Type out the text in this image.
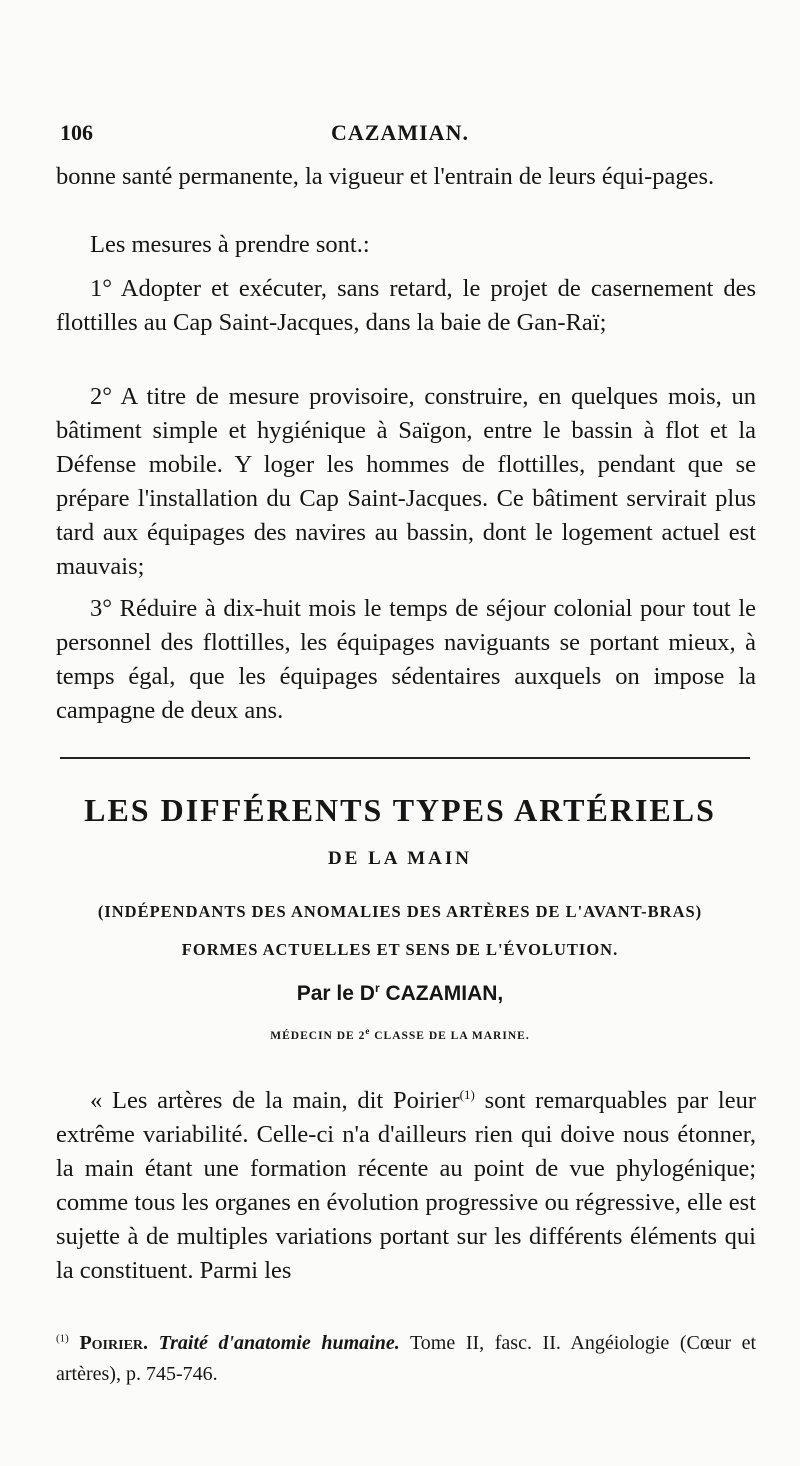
106	CAZAMIAN.

bonne santé permanente, la vigueur et l'entrain de leurs équi-pages.

Les mesures à prendre sont.:

1° Adopter et exécuter, sans retard, le projet de casernement des flottilles au Cap Saint-Jacques, dans la baie de Gan-Raï;

2° A titre de mesure provisoire, construire, en quelques mois, un bâtiment simple et hygiénique à Saïgon, entre le bassin à flot et la Défense mobile. Y loger les hommes de flottilles, pendant que se prépare l'installation du Cap Saint-Jacques. Ce bâtiment servirait plus tard aux équipages des navires au bassin, dont le logement actuel est mauvais;

3° Réduire à dix-huit mois le temps de séjour colonial pour tout le personnel des flottilles, les équipages naviguants se portant mieux, à temps égal, que les équipages sédentaires auxquels on impose la campagne de deux ans.

LES DIFFÉRENTS TYPES ARTÉRIELS
DE LA MAIN
(INDÉPENDANTS DES ANOMALIES DES ARTÈRES DE L'AVANT-BRAS)
FORMES ACTUELLES ET SENS DE L'ÉVOLUTION.
Par le $D^r$ CAZAMIAN,
MÉDECIN DE 2e CLASSE DE LA MARINE.

« Les artères de la main, dit Poirier$^{(1)}$ sont remarquables par leur extrême variabilité. Celle-ci n'a d'ailleurs rien qui doive nous étonner, la main étant une formation récente au point de vue phylogénique; comme tous les organes en évolution progressive ou régressive, elle est sujette à de multiples variations portant sur les différents éléments qui la constituent. Parmi les

$^{(1)}$ Poirier. Traité d'anatomie humaine. Tome II, fasc. II. Angéiologie (Cœur et artères), p. 745-746.
